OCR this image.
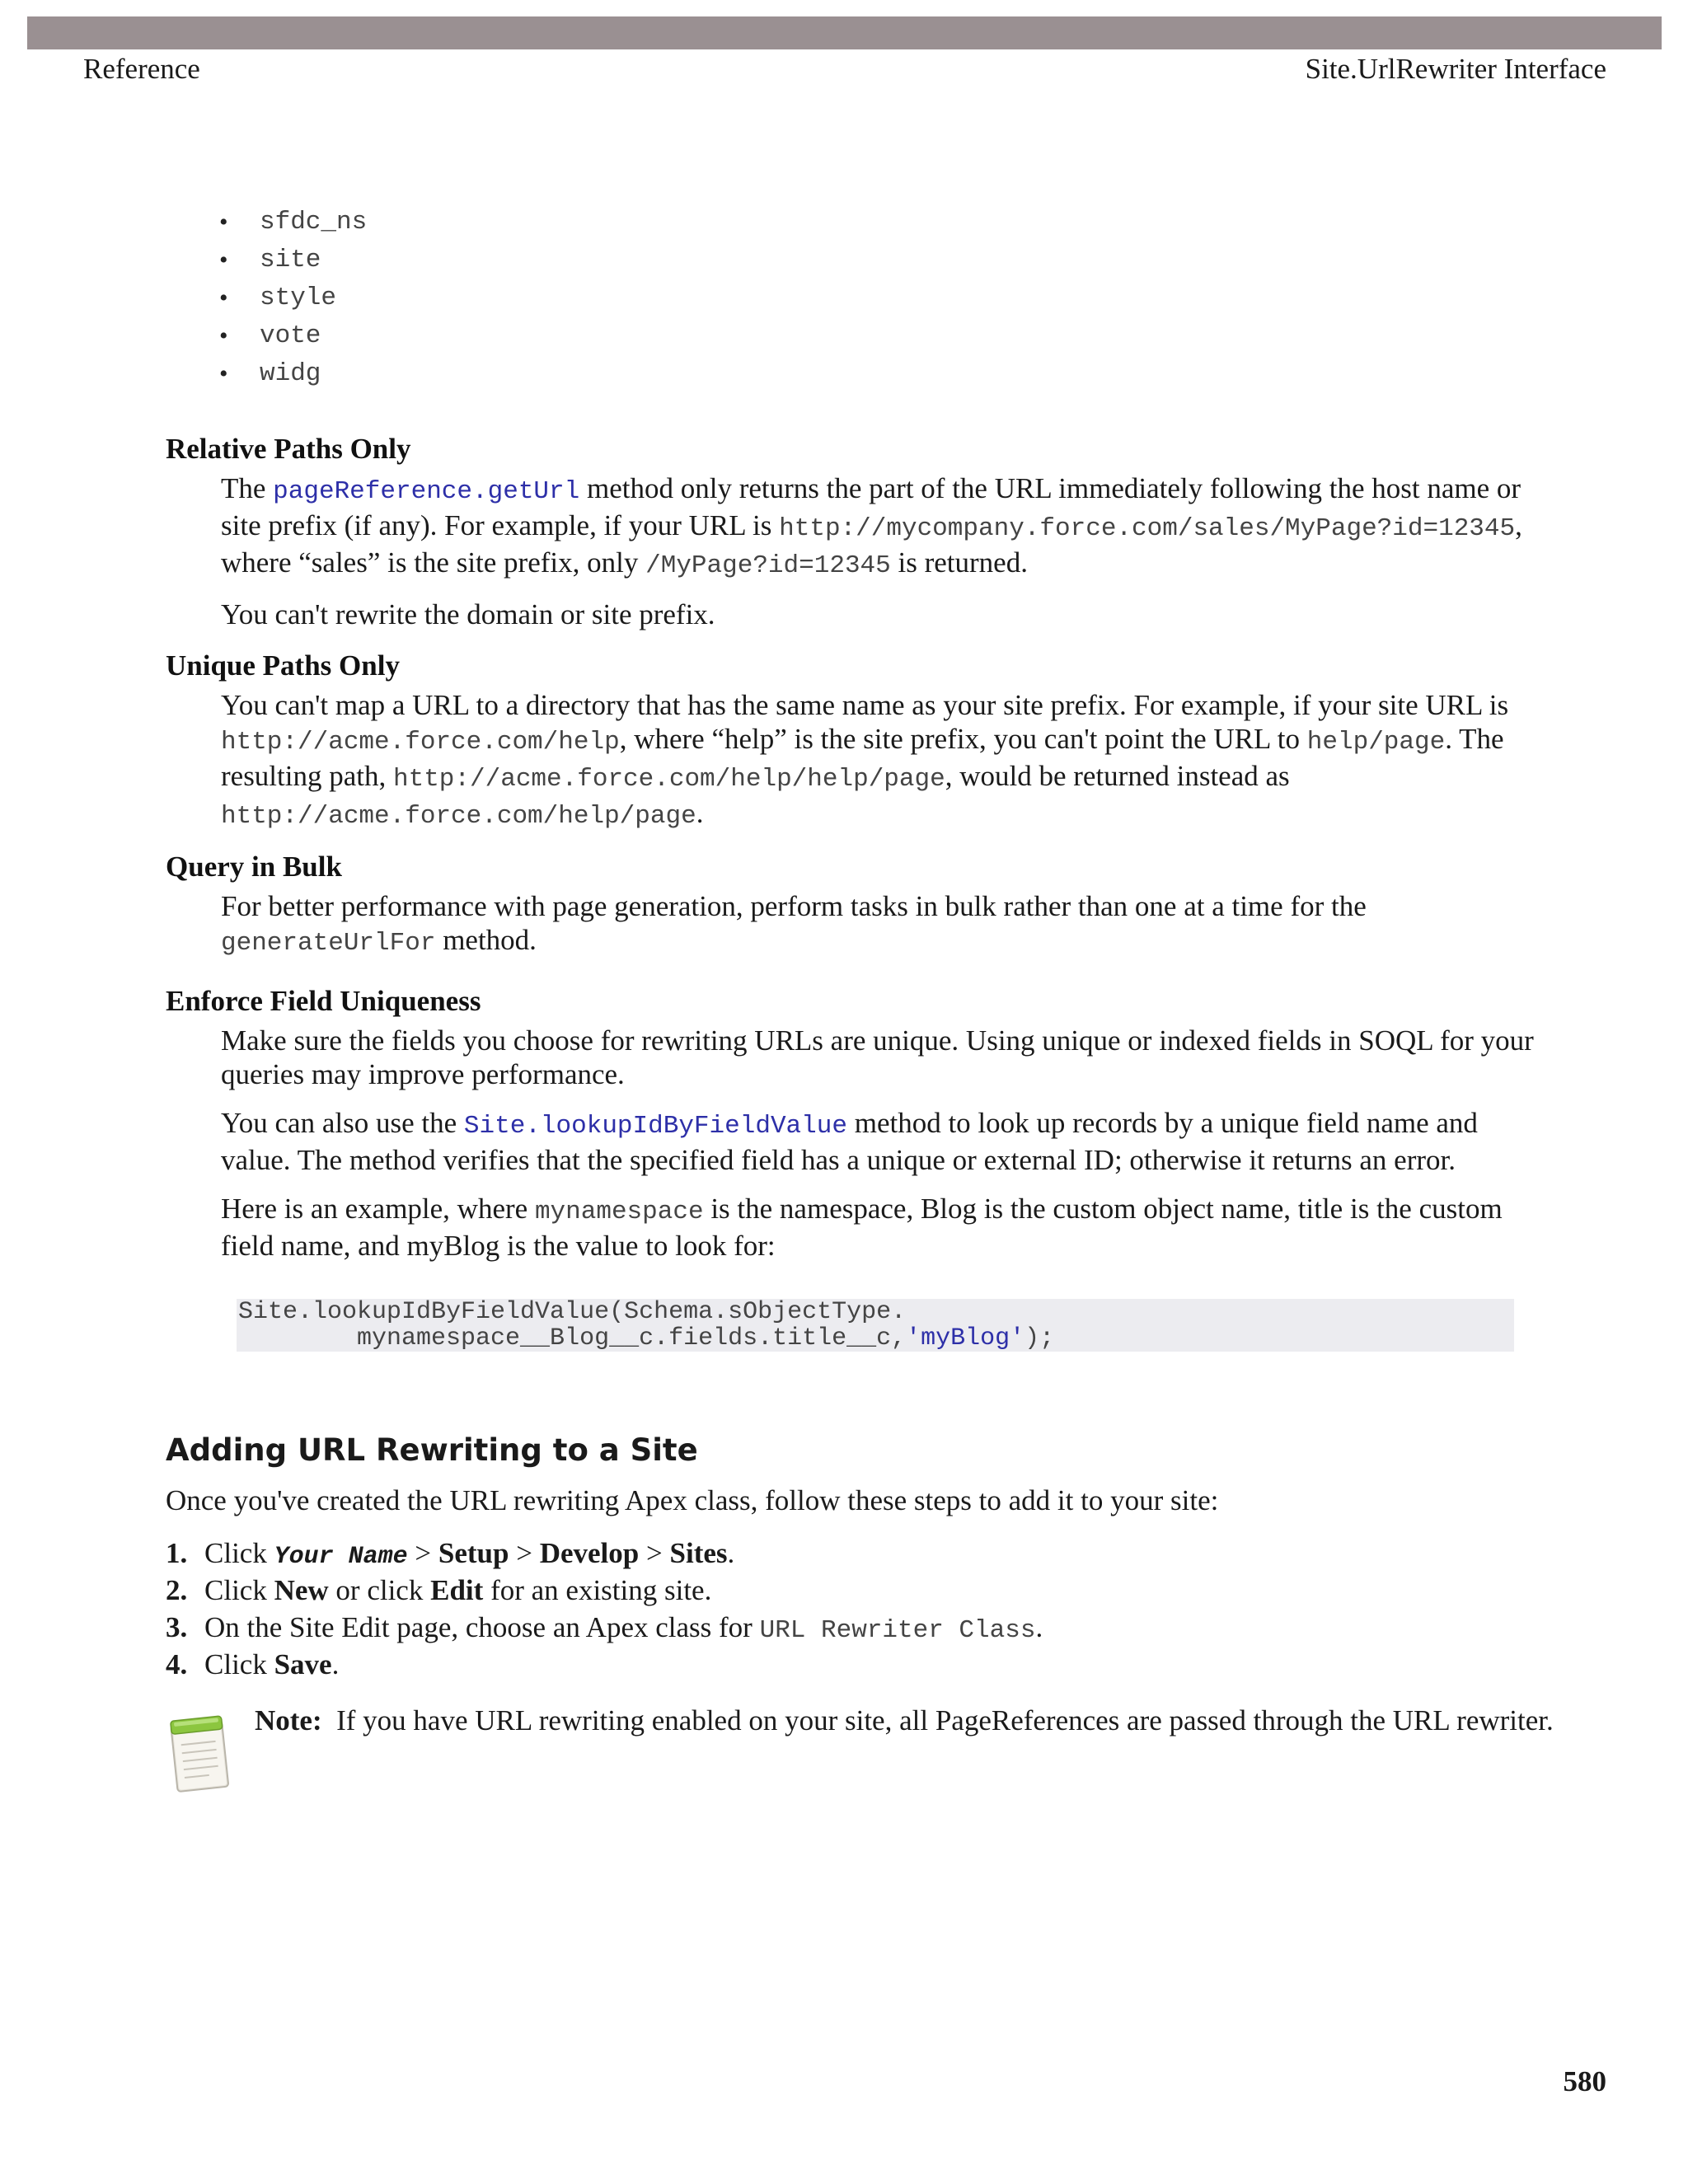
Reference	Site.UrlRewriter Interface
• sfdc_ns
• site
• style
• vote
• widg

Relative Paths Only

The pageReference.getUrl method only returns the part of the URL immediately following the host name or site prefix (if any). For example, if your URL is http://mycompany.force.com/sales/MyPage?id=12345, where “sales” is the site prefix, only /MyPage?id=12345 is returned.

You can't rewrite the domain or site prefix.

Unique Paths Only

You can't map a URL to a directory that has the same name as your site prefix. For example, if your site URL is http://acme.force.com/help, where “help” is the site prefix, you can't point the URL to help/page. The resulting path, http://acme.force.com/help/help/page, would be returned instead as
http://acme.force.com/help/page.

Query in Bulk

For better performance with page generation, perform tasks in bulk rather than one at a time for the generateUrlFor method.

Enforce Field Uniqueness

Make sure the fields you choose for rewriting URLs are unique. Using unique or indexed fields in SOQL for your queries may improve performance.

You can also use the Site.lookupIdByFieldValue method to look up records by a unique field name and value. The method verifies that the specified field has a unique or external ID; otherwise it returns an error.

Here is an example, where mynamespace is the namespace, Blog is the custom object name, title is the custom field name, and myBlog is the value to look for:

Site.lookupIdByFieldValue(Schema.sObjectType.
mynamespace__Blog__c.fields.title__c,'myBlog');
Adding URL Rewriting to a Site

Once you've created the URL rewriting Apex class, follow these steps to add it to your site:

1. Click Your Name > Setup > Develop > Sites.
2. Click New or click Edit for an existing site.
3. On the Site Edit page, choose an Apex class for URL Rewriter Class.
4. Click Save.

Note: If you have URL rewriting enabled on your site, all PageReferences are passed through the URL rewriter.

580
